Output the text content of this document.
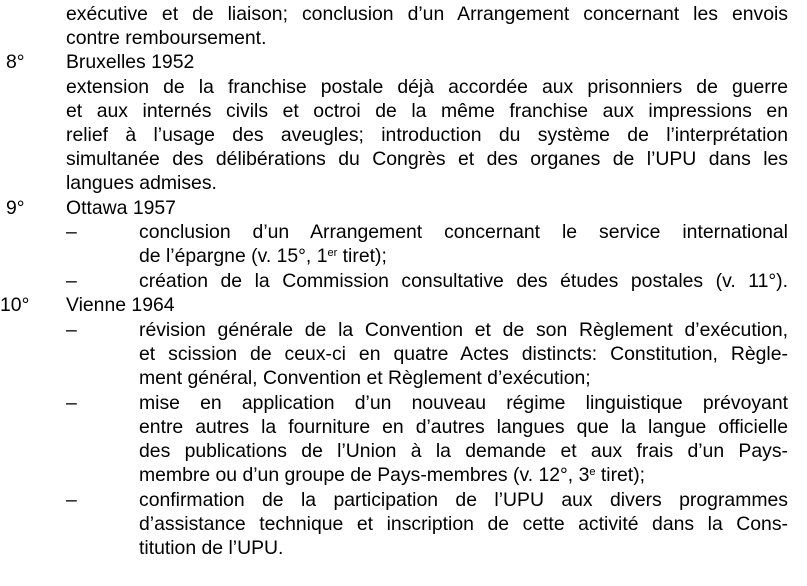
exécutive et de liaison; conclusion d’un Arrangement concernant les envois
contre remboursement.
8° Bruxelles 1952
extension de la franchise postale déjà accordée aux prisonniers de guerre
et aux internés civils et octroi de la même franchise aux impressions en
relief à l’usage des aveugles; introduction du système de l’interprétation
simultanée des délibérations du Congrès et des organes de l’UPU dans les
langues admises.
9° Ottawa 1957
–	conclusion d’un Arrangement concernant le service international
de l’épargne (v. 15°, 1er tiret);
–	création de la Commission consultative des études postales (v. 11°).
10° Vienne 1964
–	révision générale de la Convention et de son Règlement d’exécution,
et scission de ceux-ci en quatre Actes distincts: Constitution, Règle-
ment général, Convention et Règlement d’exécution;
–	mise en application d’un nouveau régime linguistique prévoyant
entre autres la fourniture en d’autres langues que la langue officielle
des publications de l’Union à la demande et aux frais d’un Pays-
membre ou d’un groupe de Pays-membres (v. 12°, 3e tiret);
–	confirmation de la participation de l’UPU aux divers programmes
d’assistance technique et inscription de cette activité dans la Cons-
titution de l’UPU.
